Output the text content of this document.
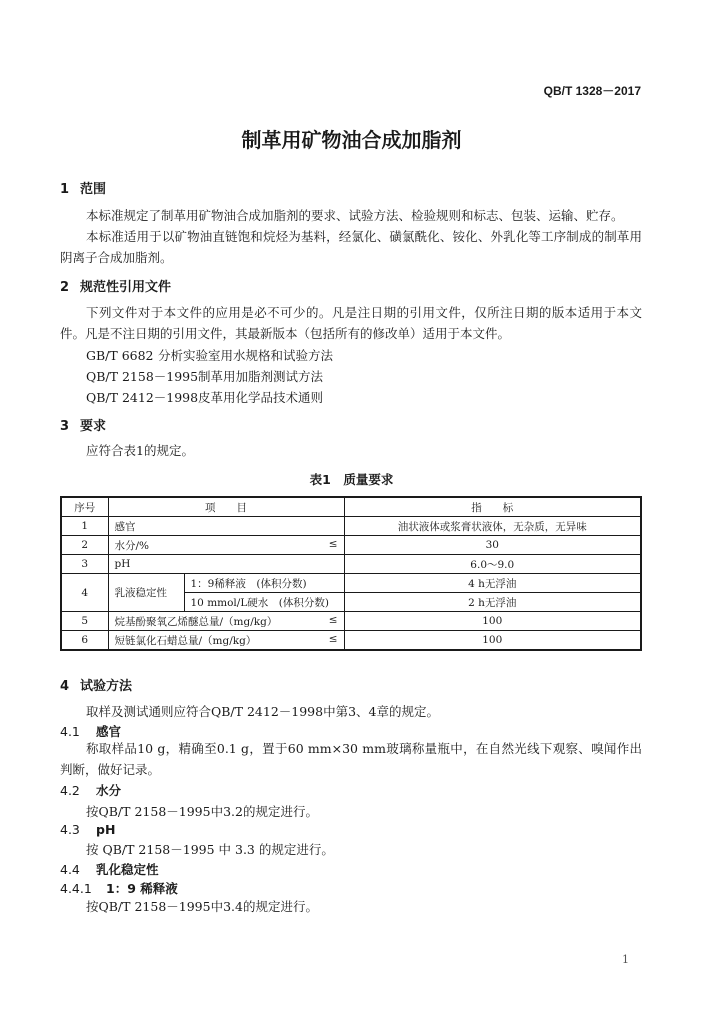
QB/T 1328－2017
制革用矿物油合成加脂剂
1 范围
本标准规定了制革用矿物油合成加脂剂的要求、试验方法、检验规则和标志、包装、运输、贮存。
本标准适用于以矿物油直链饱和烷烃为基料，经氯化、磺氯酰化、铵化、外乳化等工序制成的制革用阴离子合成加脂剂。
2 规范性引用文件
下列文件对于本文件的应用是必不可少的。凡是注日期的引用文件，仅所注日期的版本适用于本文件。凡是不注日期的引用文件，其最新版本（包括所有的修改单）适用于本文件。
GB/T 6682 分析实验室用水规格和试验方法
QB/T 2158－1995制革用加脂剂测试方法
QB/T 2412－1998皮革用化学品技术通则
3 要求
应符合表1的规定。
表1　质量要求
序号	项　　目		指　　标
1	感官		油状液体或浆膏状液体，无杂质，无异味
2	水分/% ≤		30
3	pH		6.0～9.0
4	乳液稳定性	1：9稀释液　(体积分数)	4 h无浮油
		10 mmol/L硬水　(体积分数)	2 h无浮油
5	烷基酚聚氧乙烯醚总量/（mg/kg） ≤		100
6	短链氯化石蜡总量/（mg/kg） ≤		100
4 试验方法
取样及测试通则应符合QB/T 2412－1998中第3、4章的规定。
4.1 感官
称取样品10 g，精确至0.1 g，置于60 mm×30 mm玻璃称量瓶中，在自然光线下观察、嗅闻作出判断，做好记录。
4.2 水分
按QB/T 2158－1995中3.2的规定进行。
4.3 pH
按 QB/T 2158－1995 中 3.3 的规定进行。
4.4 乳化稳定性
4.4.1 1：9 稀释液
按QB/T 2158－1995中3.4的规定进行。
1
